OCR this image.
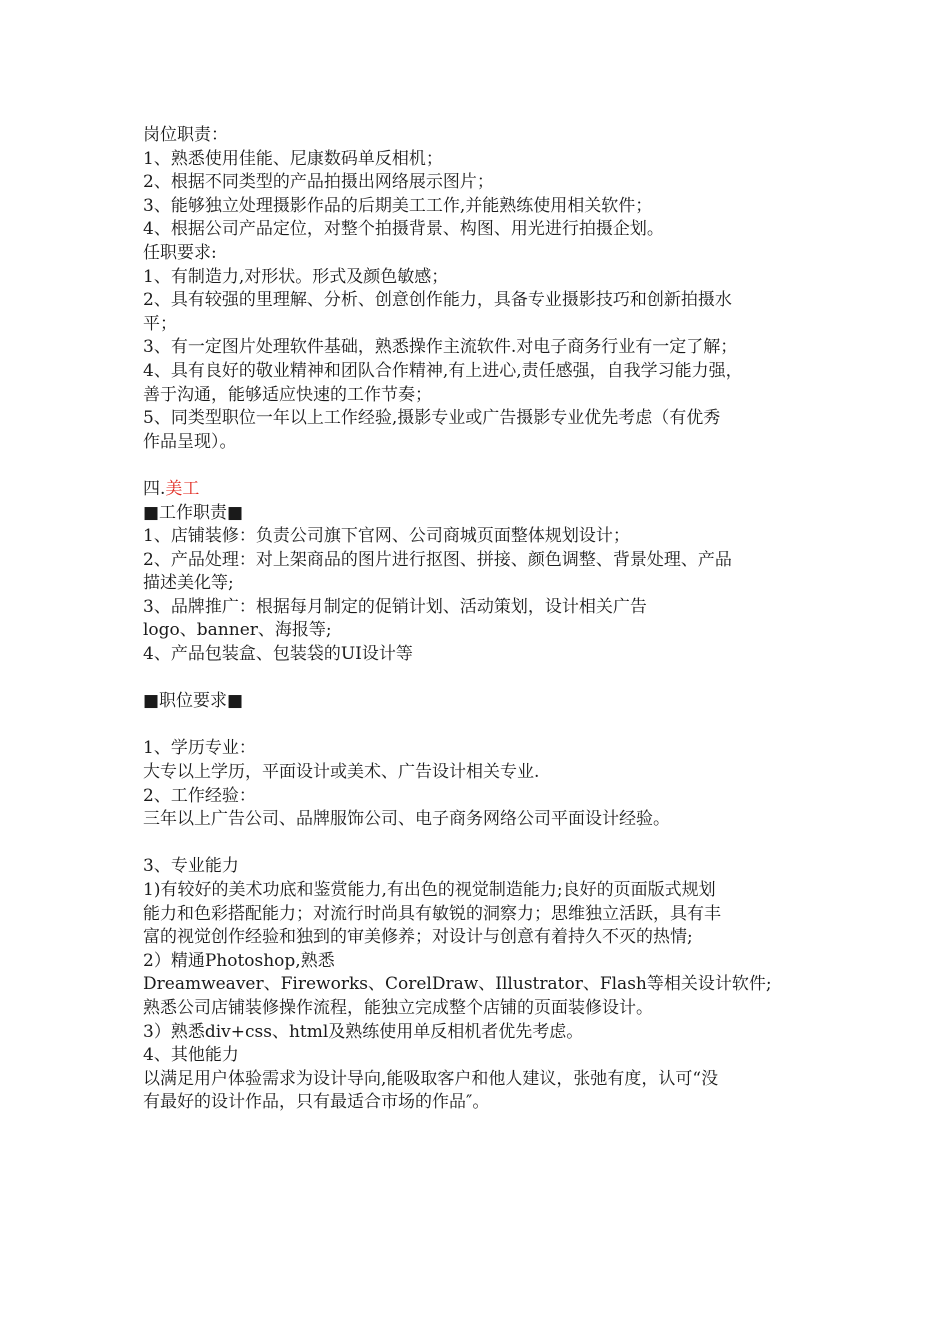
岗位职责：

1、熟悉使用佳能、尼康数码单反相机；

2、根据不同类型的产品拍摄出网络展示图片；

3、能够独立处理摄影作品的后期美工工作,并能熟练使用相关软件；

4、根据公司产品定位，对整个拍摄背景、构图、用光进行拍摄企划。

任职要求:

1、有制造力,对形状。形式及颜色敏感；

2、具有较强的里理解、分析、创意创作能力，具备专业摄影技巧和创新拍摄水

平；

3、有一定图片处理软件基础，熟悉操作主流软件.对电子商务行业有一定了解；

4、具有良好的敬业精神和团队合作精神,有上进心,责任感强，自我学习能力强，

善于沟通，能够适应快速的工作节奏；

5、同类型职位一年以上工作经验,摄影专业或广告摄影专业优先考虑（有优秀

作品呈现）。

四.美工

■工作职责■

1、店铺装修：负责公司旗下官网、公司商城页面整体规划设计；

2、产品处理：对上架商品的图片进行抠图、拼接、颜色调整、背景处理、产品

描述美化等;

3、品牌推广：根据每月制定的促销计划、活动策划，设计相关广告

logo、banner、海报等;

4、产品包装盒、包装袋的UI设计等

■职位要求■

1、学历专业：

大专以上学历，平面设计或美术、广告设计相关专业.

2、工作经验：

三年以上广告公司、品牌服饰公司、电子商务网络公司平面设计经验。

3、专业能力

1)有较好的美术功底和鉴赏能力,有出色的视觉制造能力;良好的页面版式规划

能力和色彩搭配能力；对流行时尚具有敏锐的洞察力；思维独立活跃，具有丰

富的视觉创作经验和独到的审美修养；对设计与创意有着持久不灭的热情;

2）精通Photoshop,熟悉

Dreamweaver、Fireworks、CorelDraw、Illustrator、Flash等相关设计软件;

熟悉公司店铺装修操作流程，能独立完成整个店铺的页面装修设计。

3）熟悉div+css、html及熟练使用单反相机者优先考虑。

4、其他能力

以满足用户体验需求为设计导向,能吸取客户和他人建议，张弛有度，认可“没

有最好的设计作品，只有最适合市场的作品″。
